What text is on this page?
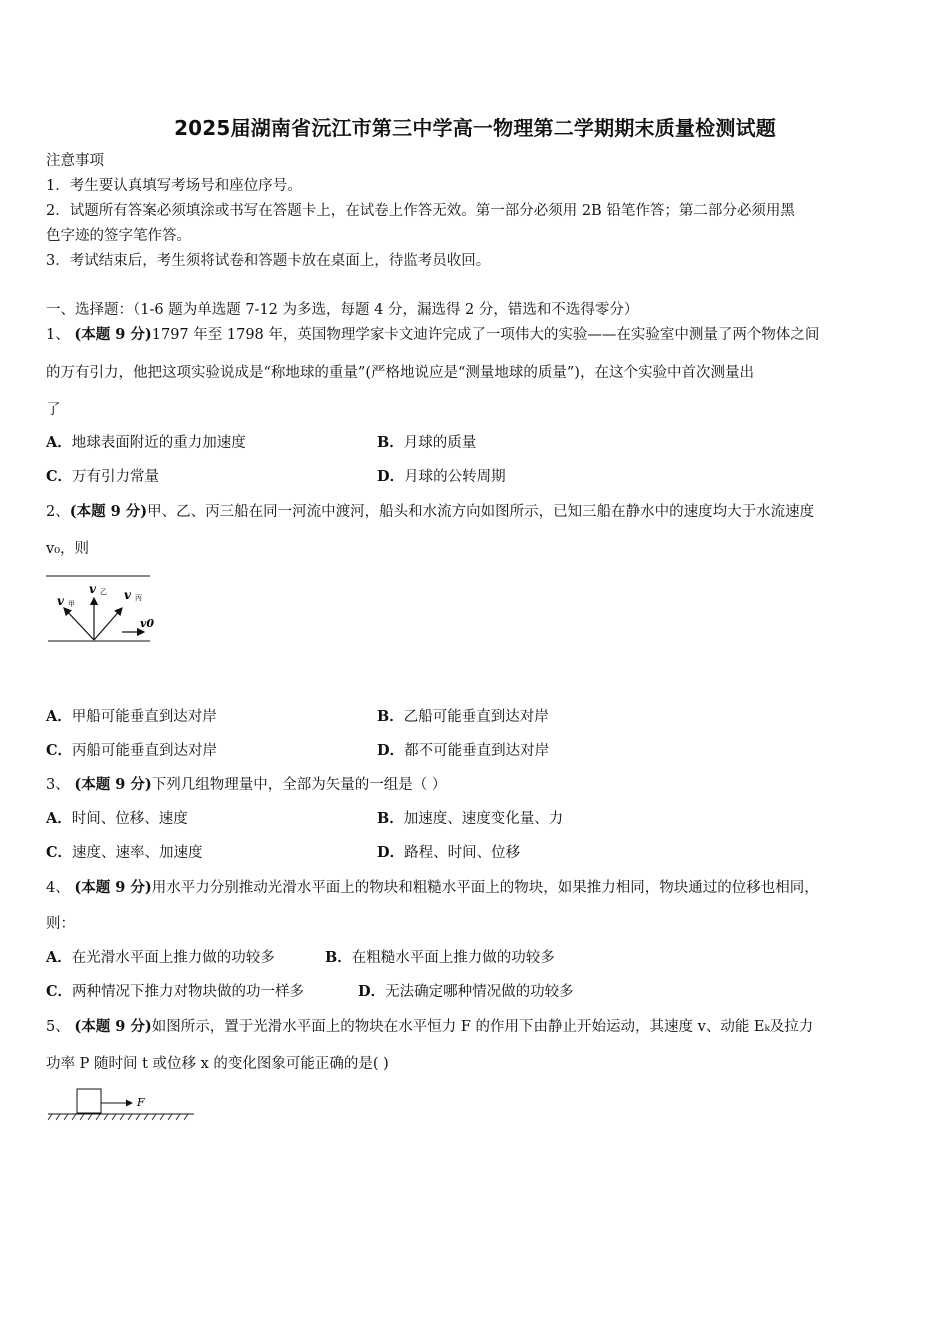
2025届湖南省沅江市第三中学高一物理第二学期期末质量检测试题
注意事项
1．考生要认真填写考场号和座位序号。
2．试题所有答案必须填涂或书写在答题卡上，在试卷上作答无效。第一部分必须用 2B 铅笔作答；第二部分必须用黑
色字迹的签字笔作答。
3．考试结束后，考生须将试卷和答题卡放在桌面上，待监考员收回。
一、选择题：（1-6 题为单选题 7-12 为多选，每题 4 分，漏选得 2 分，错选和不选得零分）
1、 (本题 9 分)1797 年至 1798 年，英国物理学家卡文迪许完成了一项伟大的实验——在实验室中测量了两个物体之间
的万有引力，他把这项实验说成是“称地球的重量”(严格地说应是“测量地球的质量”)，在这个实验中首次测量出
了
A．地球表面附近的重力加速度	B．月球的质量
C．万有引力常量	D．月球的公转周期
2、(本题 9 分)甲、乙、丙三船在同一河流中渡河，船头和水流方向如图所示，已知三船在静水中的速度均大于水流速度
v₀，则
v 甲
v 乙 v 丙
v0
A．甲船可能垂直到达对岸	B．乙船可能垂直到达对岸
C．丙船可能垂直到达对岸	D．都不可能垂直到达对岸
3、 (本题 9 分)下列几组物理量中，全部为矢量的一组是（ ）
A．时间、位移、速度	B．加速度、速度变化量、力
C．速度、速率、加速度	D．路程、时间、位移
4、 (本题 9 分)用水平力分别推动光滑水平面上的物块和粗糙水平面上的物块，如果推力相同，物块通过的位移也相同，
则：
A．在光滑水平面上推力做的功较多	B．在粗糙水平面上推力做的功较多
C．两种情况下推力对物块做的功一样多	D．无法确定哪种情况做的功较多
5、 (本题 9 分)如图所示，置于光滑水平面上的物块在水平恒力 F 的作用下由静止开始运动，其速度 v、动能 Eₖ及拉力
功率 P 随时间 t 或位移 x 的变化图象可能正确的是( )
F
